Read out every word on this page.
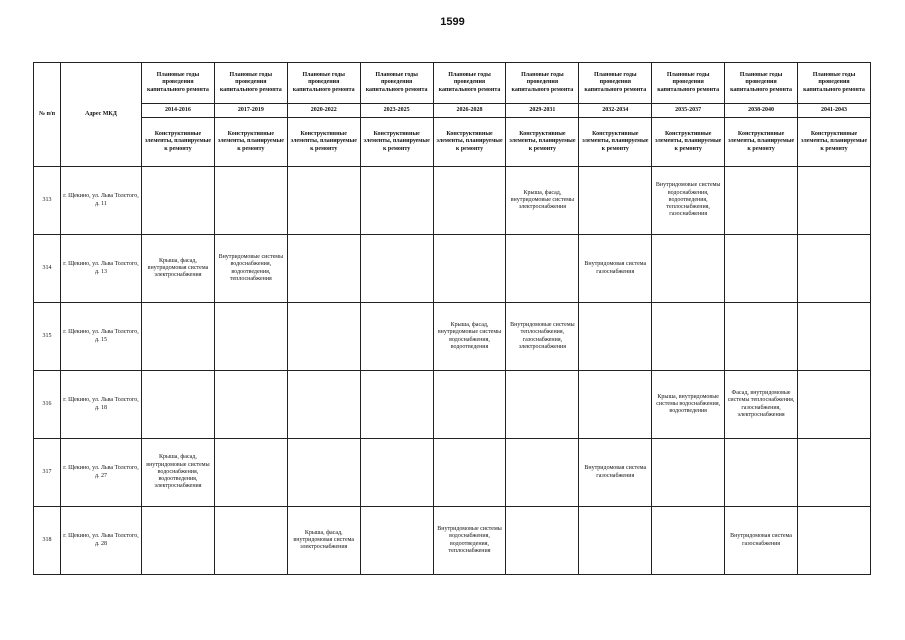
1599
№ п/п	Адрес МКД	Плановые годы проведения капитального ремонта	Плановые годы проведения капитального ремонта	Плановые годы проведения капитального ремонта	Плановые годы проведения капитального ремонта	Плановые годы проведения капитального ремонта	Плановые годы проведения капитального ремонта	Плановые годы проведения капитального ремонта	Плановые годы проведения капитального ремонта	Плановые годы проведения капитального ремонта	Плановые годы проведения капитального ремонта
		2014-2016	2017-2019	2020-2022	2023-2025	2026-2028	2029-2031	2032-2034	2035-2037	2038-2040	2041-2043
		Конструктивные элементы, планируемые к ремонту	Конструктивные элементы, планируемые к ремонту	Конструктивные элементы, планируемые к ремонту	Конструктивные элементы, планируемые к ремонту	Конструктивные элементы, планируемые к ремонту	Конструктивные элементы, планируемые к ремонту	Конструктивные элементы, планируемые к ремонту	Конструктивные элементы, планируемые к ремонту	Конструктивные элементы, планируемые к ремонту	Конструктивные элементы, планируемые к ремонту
313	г. Щекино, ул. Льва Толстого, д. 11						Крыша, фасад, внутридомовые системы электроснабжения		Внутридомовые системы водоснабжения, водоотведения, теплоснабжения, газоснабжения		
314	г. Щекино, ул. Льва Толстого, д. 13	Крыша, фасад, внутридомовая система электроснабжения	Внутридомовые системы водоснабжения, водоотведения, теплоснабжения					Внутридомовая система газоснабжения			
315	г. Щекино, ул. Льва Толстого, д. 15					Крыша, фасад, внутридомовые системы водоснабжения, водоотведения	Внутридомовые системы теплоснабжения, газоснабжения, электроснабжения				
316	г. Щекино, ул. Льва Толстого, д. 18								Крыша, внутридомовые системы водоснабжения, водоотведения	Фасад, внутридомовые системы теплоснабжения, газоснабжения, электроснабжения	
317	г. Щекино, ул. Льва Толстого, д. 27	Крыша, фасад, внутридомовые системы водоснабжения, водоотведения, электроснабжения						Внутридомовая система газоснабжения			
318	г. Щекино, ул. Льва Толстого, д. 28			Крыша, фасад, внутридомовая система электроснабжения		Внутридомовые системы водоснабжения, водоотведения, теплоснабжения				Внутридомовая система газоснабжения	
